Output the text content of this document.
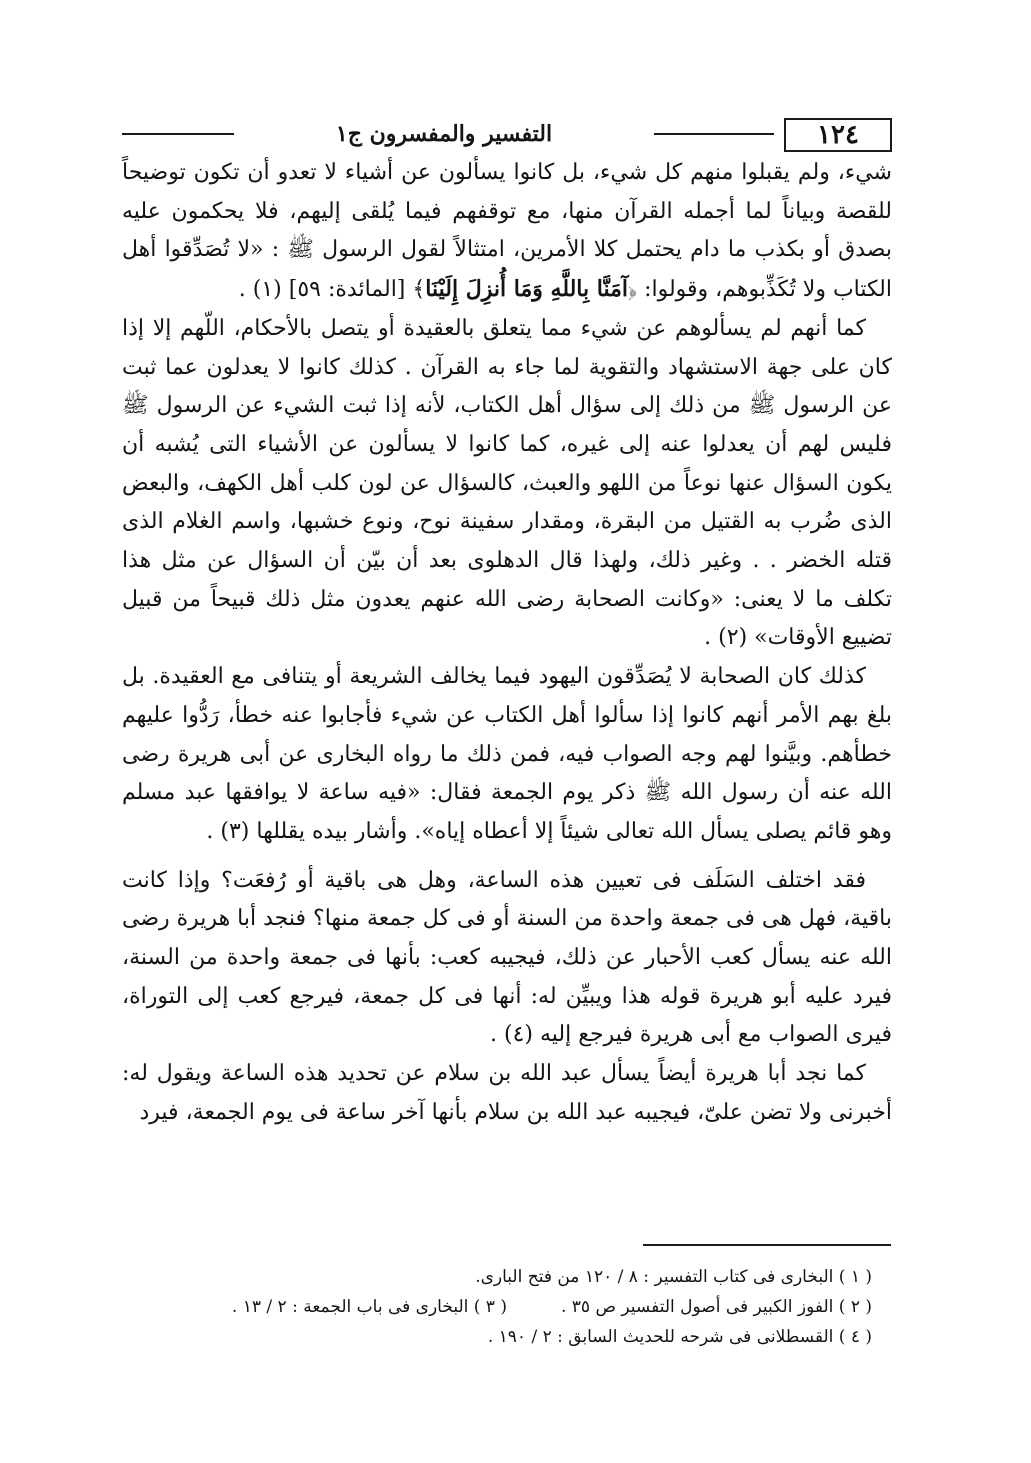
١٢٤
التفسير والمفسرون ج١

شيء، ولم يقبلوا منهم كل شيء، بل كانوا يسألون عن أشياء لا تعدو أن تكون توضيحاً للقصة وبياناً لما أجمله القرآن منها، مع توقفهم فيما يُلقى إليهم، فلا يحكمون عليه بصدق أو بكذب ما دام يحتمل كلا الأمرين، امتثالاً لقول الرسول ﷺ : «لا تُصَدِّقوا أهل الكتاب ولا تُكَذِّبوهم، وقولوا: ﴿آمَنَّا بِاللَّهِ وَمَا أُنزِلَ إِلَيْنَا﴾ [المائدة: ٥٩] (١) .

كما أنهم لم يسألوهم عن شيء مما يتعلق بالعقيدة أو يتصل بالأحكام، اللّهم إلا إذا كان على جهة الاستشهاد والتقوية لما جاء به القرآن . كذلك كانوا لا يعدلون عما ثبت عن الرسول ﷺ من ذلك إلى سؤال أهل الكتاب، لأنه إذا ثبت الشيء عن الرسول ﷺ فليس لهم أن يعدلوا عنه إلى غيره، كما كانوا لا يسألون عن الأشياء التى يُشبه أن يكون السؤال عنها نوعاً من اللهو والعبث، كالسؤال عن لون كلب أهل الكهف، والبعض الذى ضُرب به القتيل من البقرة، ومقدار سفينة نوح، ونوع خشبها، واسم الغلام الذى قتله الخضر . . وغير ذلك، ولهذا قال الدهلوى بعد أن بيّن أن السؤال عن مثل هذا تكلف ما لا يعنى: «وكانت الصحابة رضى الله عنهم يعدون مثل ذلك قبيحاً من قبيل تضييع الأوقات» (٢) .

كذلك كان الصحابة لا يُصَدِّقون اليهود فيما يخالف الشريعة أو يتنافى مع العقيدة. بل بلغ بهم الأمر أنهم كانوا إذا سألوا أهل الكتاب عن شيء فأجابوا عنه خطأ، رَدُّوا عليهم خطأهم. وبيَّنوا لهم وجه الصواب فيه، فمن ذلك ما رواه البخارى عن أبى هريرة رضى الله عنه أن رسول الله ﷺ ذكر يوم الجمعة فقال: «فيه ساعة لا يوافقها عبد مسلم وهو قائم يصلى يسأل الله تعالى شيئاً إلا أعطاه إياه». وأشار بيده يقللها (٣) .

فقد اختلف السَلَف فى تعيين هذه الساعة، وهل هى باقية أو رُفعَت؟ وإذا كانت باقية، فهل هى فى جمعة واحدة من السنة أو فى كل جمعة منها؟ فنجد أبا هريرة رضى الله عنه يسأل كعب الأحبار عن ذلك، فيجيبه كعب: بأنها فى جمعة واحدة من السنة، فيرد عليه أبو هريرة قوله هذا ويبيِّن له: أنها فى كل جمعة، فيرجع كعب إلى التوراة، فيرى الصواب مع أبى هريرة فيرجع إليه (٤) .

كما نجد أبا هريرة أيضاً يسأل عبد الله بن سلام عن تحديد هذه الساعة ويقول له: أخبرنى ولا تضن علىّ، فيجيبه عبد الله بن سلام بأنها آخر ساعة فى يوم الجمعة، فيرد

( ١ ) البخارى فى كتاب التفسير : ٨ / ١٢٠ من فتح البارى.
( ٢ ) الفوز الكبير فى أصول التفسير ص ٣٥ .
( ٣ ) البخارى فى باب الجمعة : ٢ / ١٣ .
( ٤ ) القسطلانى فى شرحه للحديث السابق : ٢ / ١٩٠ .
